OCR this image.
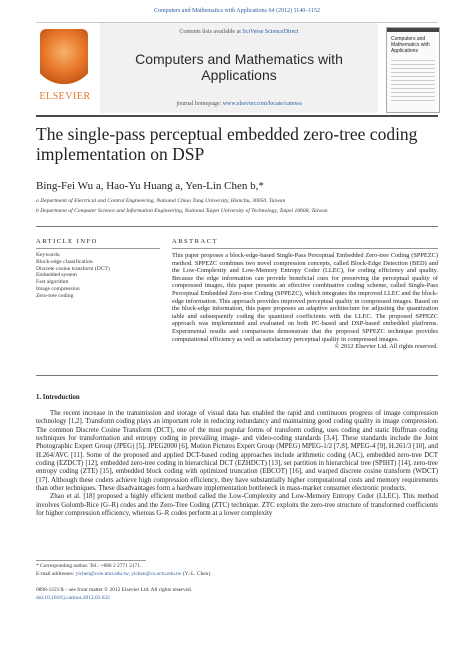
Computers and Mathematics with Applications 64 (2012) 1140–1152
ELSEVIER
Contents lists available at SciVerse ScienceDirect
Computers and Mathematics with Applications
journal homepage: www.elsevier.com/locate/camwa
Computers and Mathematics with Applications
The single-pass perceptual embedded zero-tree coding implementation on DSP
Bing-Fei Wu a, Hao-Yu Huang a, Yen-Lin Chen b,*
a Department of Electrical and Control Engineering, National Chiao Tung University, Hsinchu, 30050, Taiwan
b Department of Computer Science and Information Engineering, National Taipei University of Technology, Taipei 10608, Taiwan
ARTICLE INFO
Keywords:
Block-edge classification
Discrete cosine transform (DCT)
Embedded system
Fast algorithm
Image compression
Zero-tree coding
ABSTRACT
This paper proposes a block-edge-based Single-Pass Perceptual Embedded Zero-tree Coding (SPPEZC) method. SPPEZC combines two novel compression concepts, called Block-Edge Detection (BED) and the Low-Complexity and Low-Memory Entropy Coder (LLEC), for coding efficiency and quality. Because the edge information can provide beneficial cues for preserving the perceptual quality of compressed images, this paper presents an effective combinative coding scheme, called Single-Pass Perceptual Embedded Zero-tree Coding (SPPEZC), which integrates the improved LLEC and the block-edge information. This approach provides improved perceptual quality in compressed images. Based on the block-edge information, this paper proposes an adaptive architecture for adjusting the quantization table and subsequently coding the quantized coefficients with the LLEC. The proposed SPPEZC approach was implemented and evaluated on both PC-based and DSP-based embedded platforms. Experimental results and comparisons demonstrate that the proposed SPPEZC technique provides computational efficiency as well as satisfactory perceptual quality in compressed images.
© 2012 Elsevier Ltd. All rights reserved.
1. Introduction

The recent increase in the transmission and storage of visual data has enabled the rapid and continuous progress of image compression technology [1,2]. Transform coding plays an important role in reducing redundancy and maintaining good coding quality in image compression. The common Discrete Cosine Transform (DCT), one of the most popular forms of transform coding, uses coding and static Huffman coding techniques for transformation and entropy coding in prevailing image- and video-coding standards [3,4]. These standards include the Joint Photographic Expert Group (JPEG) [5], JPEG2000 [6], Motion Pictures Expert Group (MPEG) MPEG-1/2 [7,8], MPEG-4 [9], H.261/3 [10], and H.264/AVC [11]. Some of the proposed and applied DCT-based coding approaches include arithmetic coding (AC), embedded zero-tree DCT coding (EZDCT) [12], embedded zero-tree coding in hierarchical DCT (EZHDCT) [13], set partition in hierarchical tree (SPIHT) [14], zero-tree entropy coding (ZTE) [15], embedded block coding with optimized truncation (EBCOT) [16], and warped discrete cosine transform (WDCT) [17]. Although these coders achieve high compression efficiency, they have substantially higher computational costs and memory requirements than other techniques. These disadvantages form a hardware implementation bottleneck in mass-market consumer electronic products.

Zhao et al. [18] proposed a highly efficient method called the Low-Complexity and Low-Memory Entropy Coder (LLEC). This method involves Golomb-Rice (G–R) codes and the Zero-Tree Coding (ZTC) technique. ZTC exploits the zero-tree structure of transformed coefficients for higher compression efficiency, whereas G–R codes perform at a lower complexity

* Corresponding author. Tel.: +886 2 2771 2171.
E-mail addresses: yichen@csie.ntut.edu.tw, yichen@cs.nctu.edu.tw (Y.-L. Chen).
0898-1221/$ – see front matter © 2012 Elsevier Ltd. All rights reserved.
doi:10.1016/j.camwa.2012.03.032
